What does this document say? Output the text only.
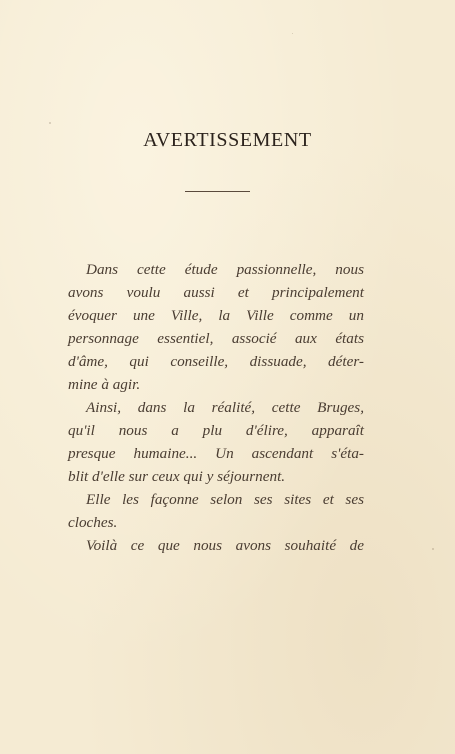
AVERTISSEMENT

Dans cette étude passionnelle, nous
avons voulu aussi et principalement
évoquer une Ville, la Ville comme un
personnage essentiel, associé aux états
d'âme, qui conseille, dissuade, déter-
mine à agir.

Ainsi, dans la réalité, cette Bruges,
qu'il nous a plu d'élire, apparaît
presque humaine... Un ascendant s'éta-
blit d'elle sur ceux qui y séjournent.

Elle les façonne selon ses sites et ses
cloches.

Voilà ce que nous avons souhaité de
